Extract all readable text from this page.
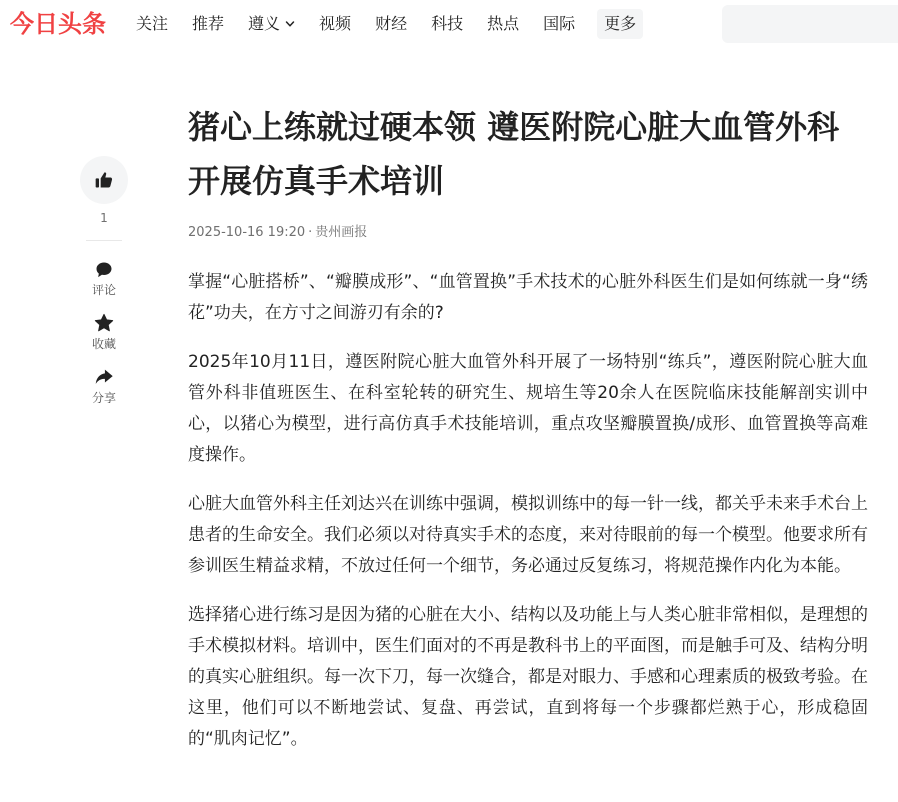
今日头条 关注 推荐 遵义 视频 财经 科技 热点 国际	更多
1
评论
收藏
分享
猪心上练就过硬本领 遵医附院心脏大血管外科开展仿真手术培训
2025-10-16 19:20 · 贵州画报

掌握“心脏搭桥”、“瓣膜成形”、“血管置换”手术技术的心脏外科医生们是如何练就一身“绣花”功夫，在方寸之间游刃有余的?

2025年10月11日，遵医附院心脏大血管外科开展了一场特别“练兵”，遵医附院心脏大血管外科非值班医生、在科室轮转的研究生、规培生等20余人在医院临床技能解剖实训中心，以猪心为模型，进行高仿真手术技能培训，重点攻坚瓣膜置换/成形、血管置换等高难度操作。

心脏大血管外科主任刘达兴在训练中强调，模拟训练中的每一针一线，都关乎未来手术台上患者的生命安全。我们必须以对待真实手术的态度，来对待眼前的每一个模型。他要求所有参训医生精益求精，不放过任何一个细节，务必通过反复练习，将规范操作内化为本能。

选择猪心进行练习是因为猪的心脏在大小、结构以及功能上与人类心脏非常相似，是理想的手术模拟材料。培训中，医生们面对的不再是教科书上的平面图，而是触手可及、结构分明的真实心脏组织。每一次下刀，每一次缝合，都是对眼力、手感和心理素质的极致考验。在这里，他们可以不断地尝试、复盘、再尝试，直到将每一个步骤都烂熟于心，形成稳固的“肌肉记忆”。
